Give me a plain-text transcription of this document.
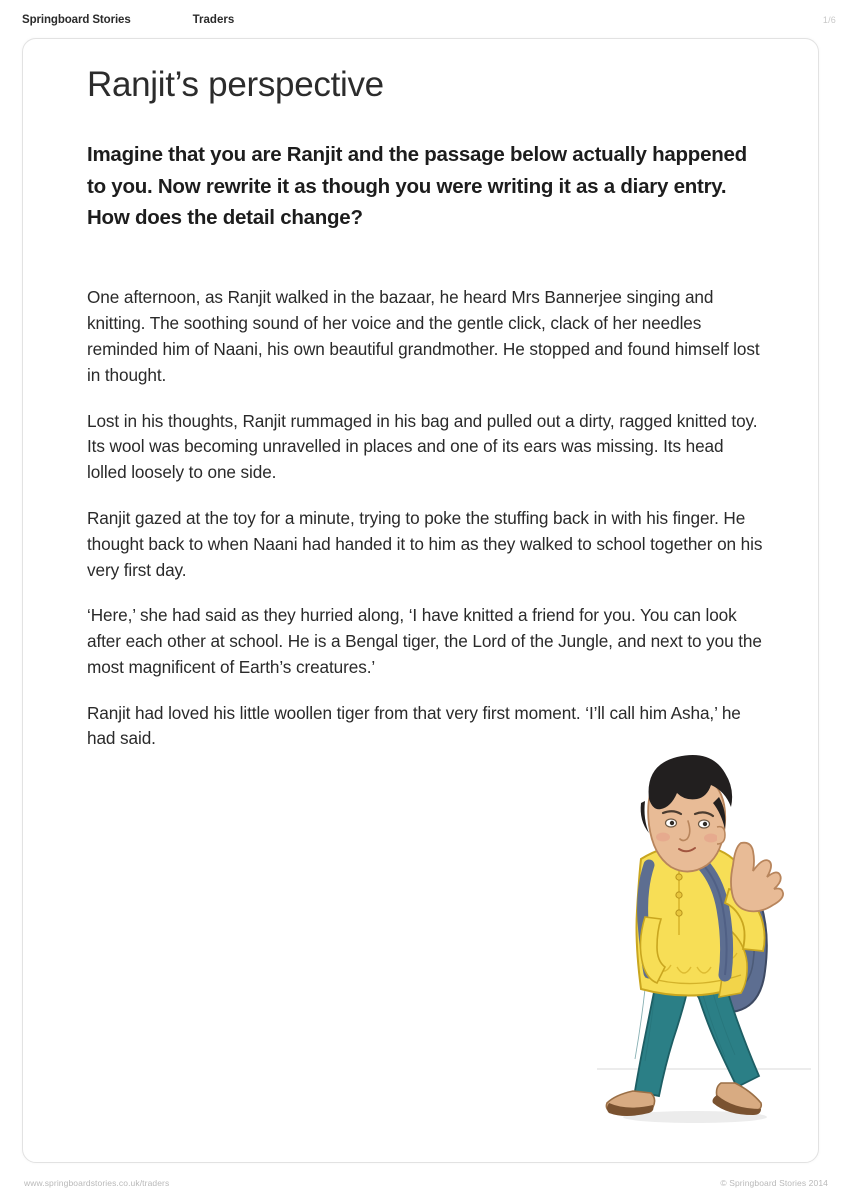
Springboard Stories	Traders	1/6
Ranjit’s perspective
Imagine that you are Ranjit and the passage below actually happened to you. Now rewrite it as though you were writing it as a diary entry. How does the detail change?

One afternoon, as Ranjit walked in the bazaar, he heard Mrs Bannerjee singing and knitting. The soothing sound of her voice and the gentle click, clack of her needles reminded him of Naani, his own beautiful grandmother. He stopped and found himself lost in thought.

Lost in his thoughts, Ranjit rummaged in his bag and pulled out a dirty, ragged knitted toy. Its wool was becoming unravelled in places and one of its ears was missing. Its head lolled loosely to one side.

Ranjit gazed at the toy for a minute, trying to poke the stuffing back in with his finger. He thought back to when Naani had handed it to him as they walked to school together on his very first day.

‘Here,’ she had said as they hurried along, ‘I have knitted a friend for you. You can look after each other at school. He is a Bengal tiger, the Lord of the Jungle, and next to you the most magnificent of Earth’s creatures.’

Ranjit had loved his little woollen tiger from that very first moment. ‘I’ll call him Asha,’ he had said.

www.springboardstories.co.uk/traders	© Springboard Stories 2014
